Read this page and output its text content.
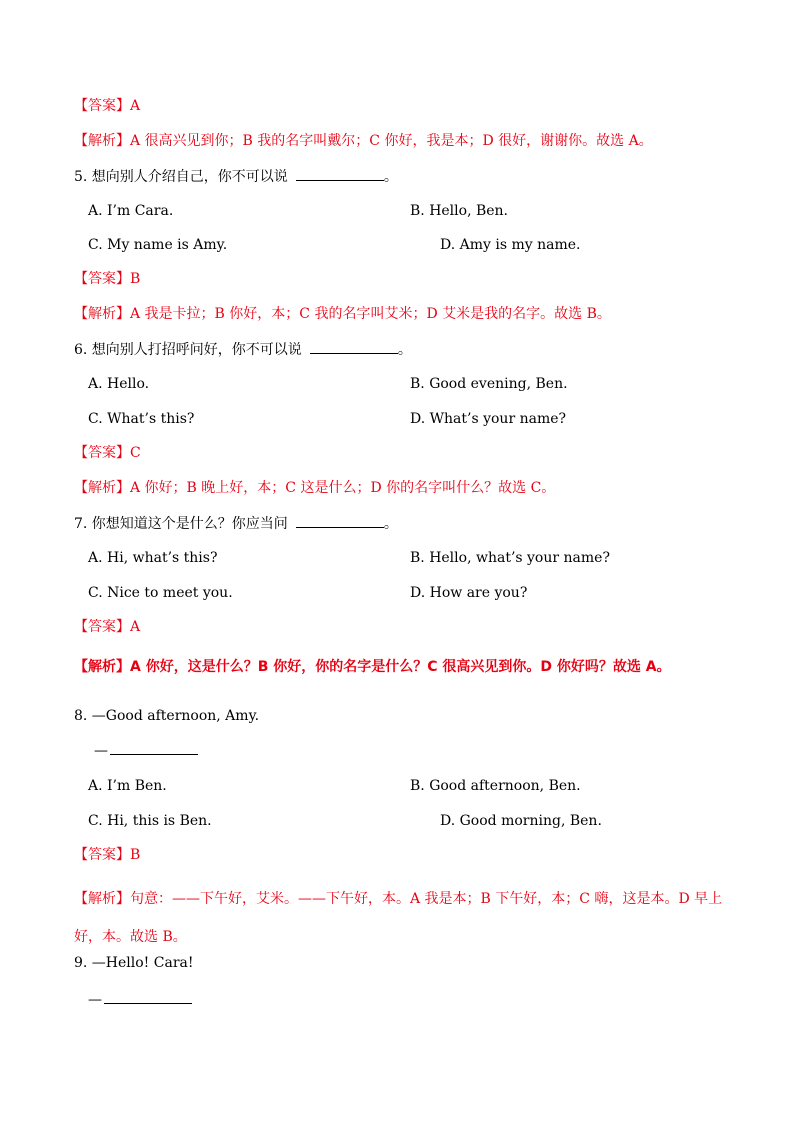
【答案】A
【解析】A 很高兴见到你；B 我的名字叫戴尔；C 你好，我是本；D 很好，谢谢你。故选 A。
5. 想向别人介绍自己，你不可以说	。
A. I’m Cara.	B. Hello, Ben.
C. My name is Amy.	D. Amy is my name.
【答案】B
【解析】A 我是卡拉；B 你好，本；C 我的名字叫艾米；D 艾米是我的名字。故选 B。
6. 想向别人打招呼问好，你不可以说	。
A. Hello.	B. Good evening, Ben.
C. What’s this?	D. What’s your name?
【答案】C
【解析】A 你好；B 晚上好，本；C 这是什么；D 你的名字叫什么？故选 C。
7. 你想知道这个是什么？你应当问	。
A. Hi, what’s this?	B. Hello, what’s your name?
C. Nice to meet you.	D. How are you?
【答案】A
【解析】A 你好，这是什么？B 你好，你的名字是什么？C 很高兴见到你。D 你好吗？故选 A。
8. —Good afternoon, Amy.
—
A. I’m Ben.	B. Good afternoon, Ben.
C. Hi, this is Ben.	D. Good morning, Ben.
【答案】B
【解析】句意：——下午好，艾米。——下午好，本。A 我是本；B 下午好，本；C 嗨，这是本。D 早上好，本。故选 B。
9. —Hello! Cara!
—
